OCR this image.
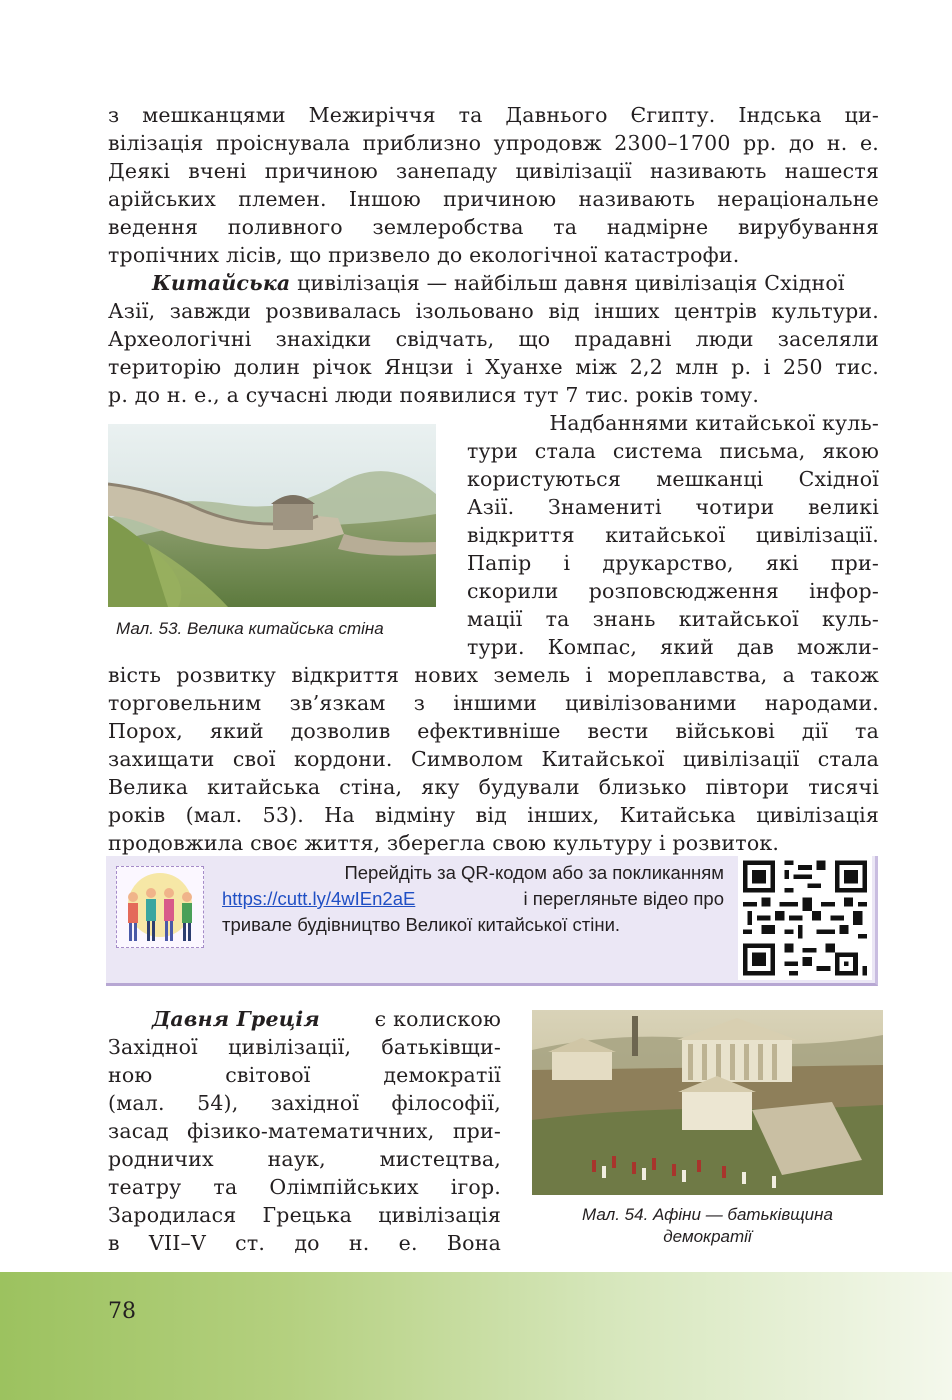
з мешканцями Межиріччя та Давнього Єгипту. Індська ци-
вілізація проіснувала приблизно упродовж 2300–1700 рр. до н. е.
Деякі вчені причиною занепаду цивілізації називають нашестя
арійських племен. Іншою причиною називають нераціональне
ведення поливного землеробства та надмірне вирубування
тропічних лісів, що призвело до екологічної катастрофи.
Китайська цивілізація — найбільш давня цивілізація Східної
Азії, завжди розвивалась ізольовано від інших центрів культури.
Археологічні знахідки свідчать, що прадавні люди заселяли
територію долин річок Янцзи і Хуанхе між 2,2 млн р. і 250 тис.
р. до н. е., а сучасні люди появилися тут 7 тис. років тому.
Мал. 53. Велика китайська стіна
Надбаннями китайської куль-
тури стала система письма, якою
користуються мешканці Східної
Азії. Знамениті чотири великі
відкриття китайської цивілізації.
Папір і друкарство, які при-
скорили розповсюдження інфор-
мації та знань китайської куль-
тури. Компас, який дав можли-
вість розвитку відкриття нових земель і мореплавства, а також
торговельним зв’язкам з іншими цивілізованими народами.
Порох, який дозволив ефективніше вести військові дії та
захищати свої кордони. Символом Китайської цивілізації стала
Велика китайська стіна, яку будували близько півтори тисячі
років (мал. 53). На відміну від інших, Китайська цивілізація
продовжила своє життя, зберегла свою культуру і розвиток.
Перейдіть за QR-кодом або за покликанням
https://cutt.ly/4wIEn2aE	і перегляньте відео про
тривале будівництво Великої китайської стіни.
Давня Греція є колискою
Західної цивілізації, батьківщи-
ною світової демократії
(мал. 54), західної філософії,
засад фізико-математичних, при-
родничих наук, мистецтва,
театру та Олімпійських ігор.
Зародилася Грецька цивілізація
в VII–V ст. до н. е. Вона
Мал. 54. Афіни — батьківщина
демократії
78
